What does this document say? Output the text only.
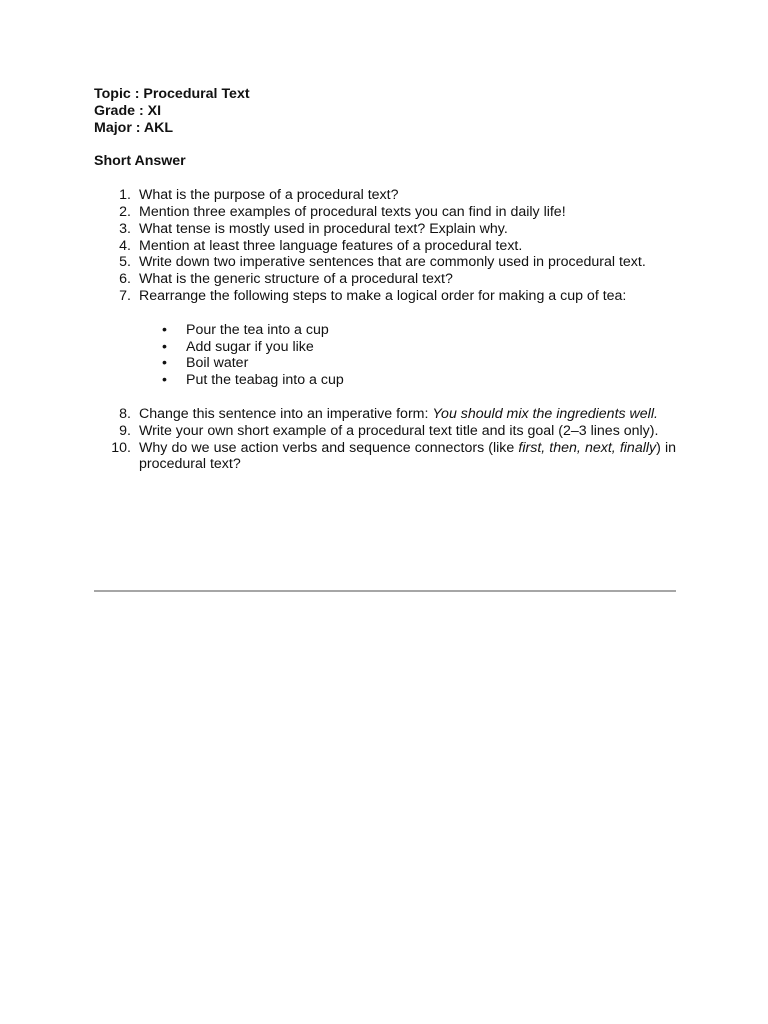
Topic : Procedural Text
Grade : XI
Major : AKL
Short Answer
1. What is the purpose of a procedural text?
2. Mention three examples of procedural texts you can find in daily life!
3. What tense is mostly used in procedural text? Explain why.
4. Mention at least three language features of a procedural text.
5. Write down two imperative sentences that are commonly used in procedural text.
6. What is the generic structure of a procedural text?
7. Rearrange the following steps to make a logical order for making a cup of tea:
•	Pour the tea into a cup
•	Add sugar if you like
•	Boil water
•	Put the teabag into a cup
8. Change this sentence into an imperative form: You should mix the ingredients well.
9. Write your own short example of a procedural text title and its goal (2–3 lines only).
10. Why do we use action verbs and sequence connectors (like first, then, next, finally) in procedural text?
